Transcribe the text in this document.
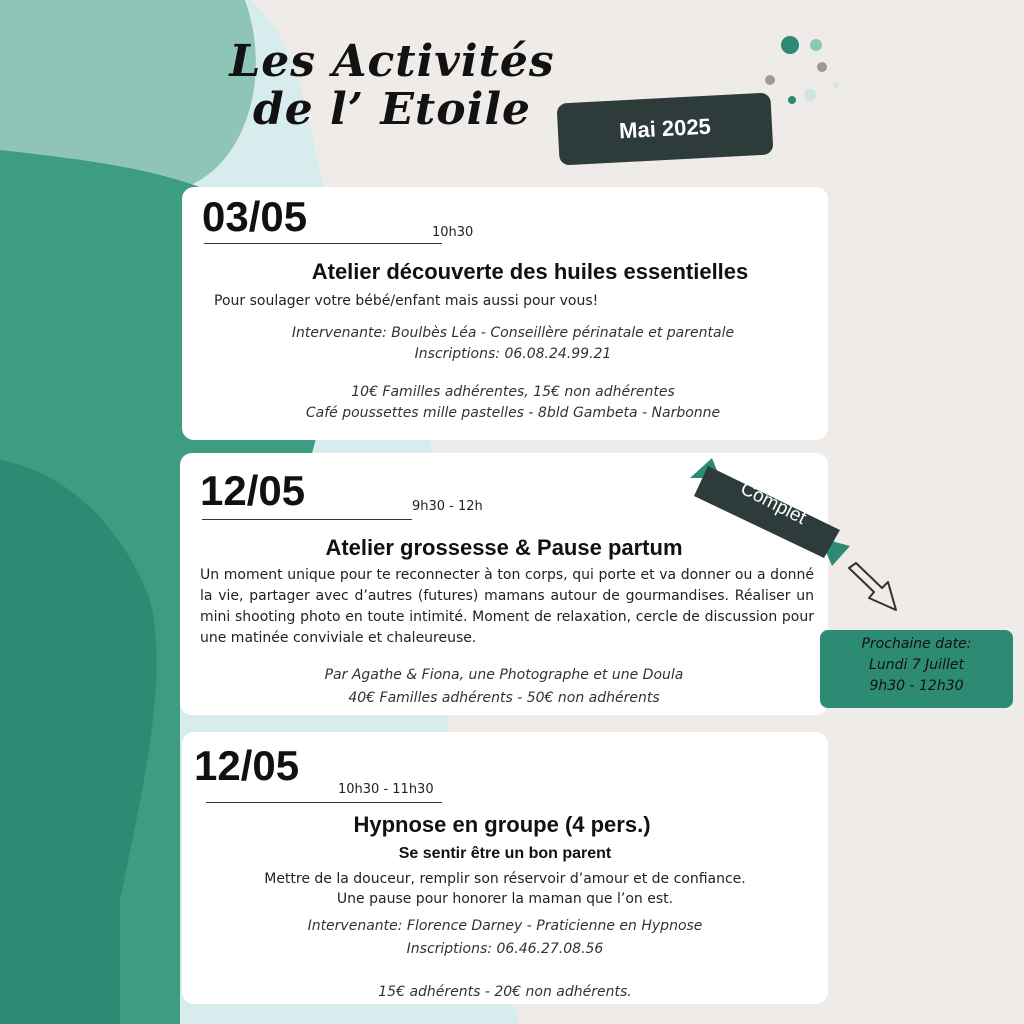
Les Activités
de l’ Etoile	Mai 2025
03/05	10h30
Atelier découverte des huiles essentielles
Pour soulager votre bébé/enfant mais aussi pour vous!
Intervenante: Boulbès Léa - Conseillère périnatale et parentale
Inscriptions: 06.08.24.99.21
10€ Familles adhérentes, 15€ non adhérentes
Café poussettes mille pastelles - 8bld Gambeta - Narbonne
12/05	9h30 - 12h
Atelier grossesse & Pause partum
Un moment unique pour te reconnecter à ton corps, qui porte et va donner ou a donné la vie, partager avec d’autres (futures) mamans autour de gourmandises. Réaliser un mini shooting photo en toute intimité. Moment de relaxation, cercle de discussion pour une matinée conviviale et chaleureuse.
Par Agathe & Fiona, une Photographe et une Doula
40€ Familles adhérents - 50€ non adhérents
Complet
Prochaine date:
Lundi 7 Juillet
9h30 - 12h30
12/05
10h30 - 11h30
Hypnose en groupe (4 pers.)
Se sentir être un bon parent
Mettre de la douceur, remplir son réservoir d’amour et de confiance.
Une pause pour honorer la maman que l’on est.
Intervenante: Florence Darney - Praticienne en Hypnose
Inscriptions: 06.46.27.08.56
15€ adhérents - 20€ non adhérents.
